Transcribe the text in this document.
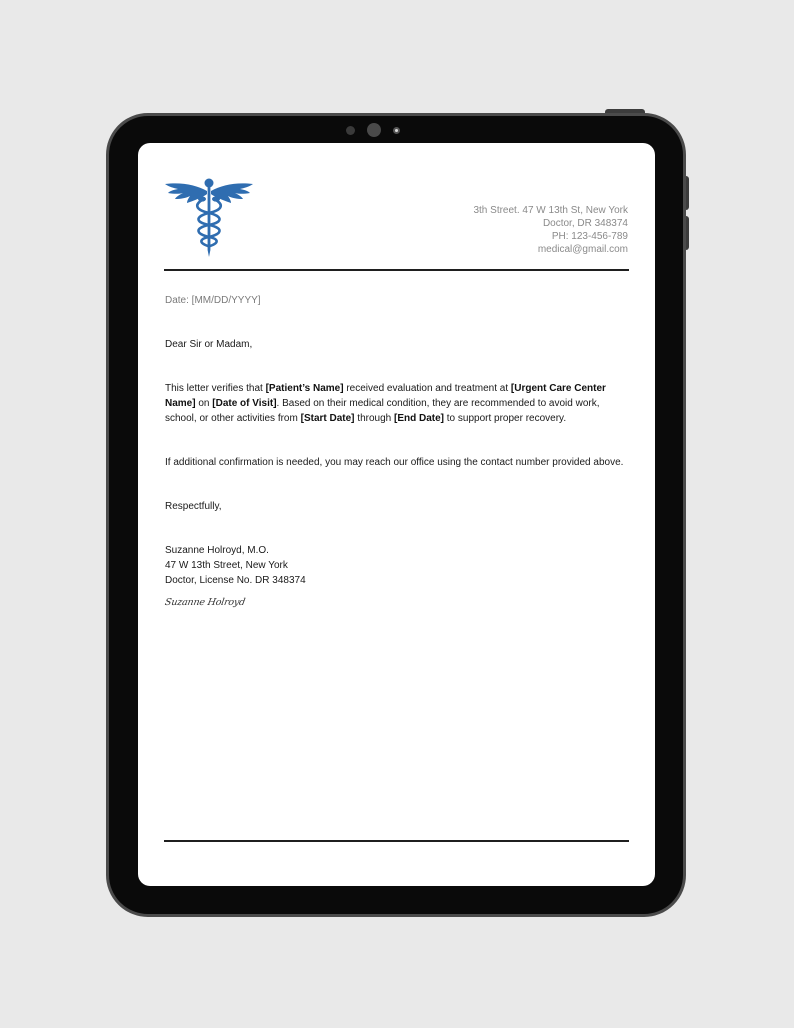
3th Street. 47 W 13th St, New York
Doctor, DR 348374
PH: 123-456-789
medical@gmail.com

Date: [MM/DD/YYYY]

Dear Sir or Madam,

This letter verifies that [Patient’s Name] received evaluation and treatment at [Urgent Care Center Name] on [Date of Visit]. Based on their medical condition, they are recommended to avoid work, school, or other activities from [Start Date] through [End Date] to support proper recovery.

If additional confirmation is needed, you may reach our office using the contact number provided above.

Respectfully,

Suzanne Holroyd, M.O.

47 W 13th Street, New York

Doctor, License No. DR 348374

Suzanne Holroyd
